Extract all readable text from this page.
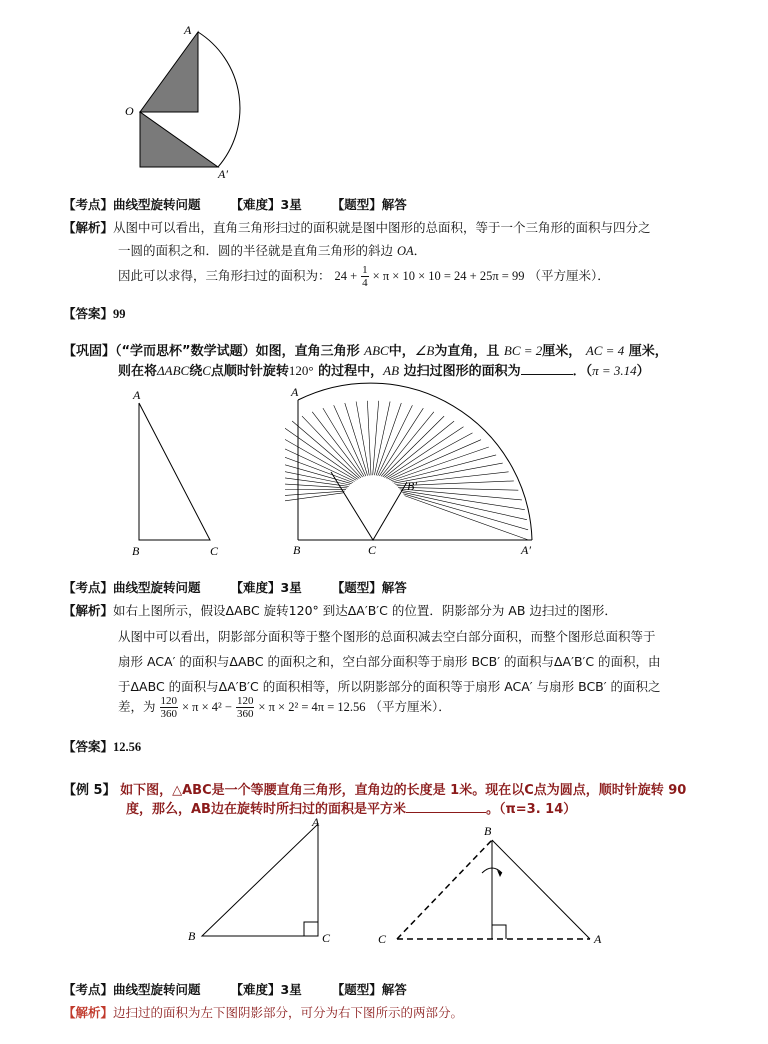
A
O
A′
【考点】曲线型旋转问题 【难度】3星 【题型】解答
【解析】从图中可以看出，直角三角形扫过的面积就是图中图形的总面积，等于一个三角形的面积与四分之
一圆的面积之和．圆的半径就是直角三角形的斜边 OA．
因此可以求得，三角形扫过的面积为： $24 + \frac{1}{4} \times \pi \times 10 \times 10 = 24 + 25\pi = 99$ （平方厘米）．
【答案】99
【巩固】（“学而思杯”数学试题）如图，直角三角形 ABC中，∠B为直角，且 BC = 2厘米， AC = 4 厘米，
则在将ΔABC绕C点顺时针旋转120° 的过程中，AB 边扫过图形的面积为	．（π = 3.14）
A
B	C
A
B	C
B′
A′
【考点】曲线型旋转问题 【难度】3星 【题型】解答
【解析】如右上图所示，假设ΔABC 旋转120° 到达ΔA′B′C 的位置．阴影部分为 AB 边扫过的图形．
从图中可以看出，阴影部分面积等于整个图形的总面积减去空白部分面积，而整个图形总面积等于
扇形 ACA′ 的面积与ΔABC 的面积之和，空白部分面积等于扇形 BCB′ 的面积与ΔA′B′C 的面积，由
于ΔABC 的面积与ΔA′B′C 的面积相等，所以阴影部分的面积等于扇形 ACA′ 与扇形 BCB′ 的面积之
差，为 $\frac{120}{360} \times \pi \times 4^2 - \frac{120}{360} \times \pi \times 2^2 = 4\pi = 12.56$ （平方厘米）．
【答案】12.56
【例 5】 如下图，△ABC是一个等腰直角三角形，直角边的长度是 1米。现在以C点为圆点，顺时针旋转 90
度，那么，AB边在旋转时所扫过的面积是平方米	。（π=3. 14）
A
B	C
B
C	A
【考点】曲线型旋转问题 【难度】3星 【题型】解答
【解析】边扫过的面积为左下图阴影部分，可分为右下图所示的两部分。
